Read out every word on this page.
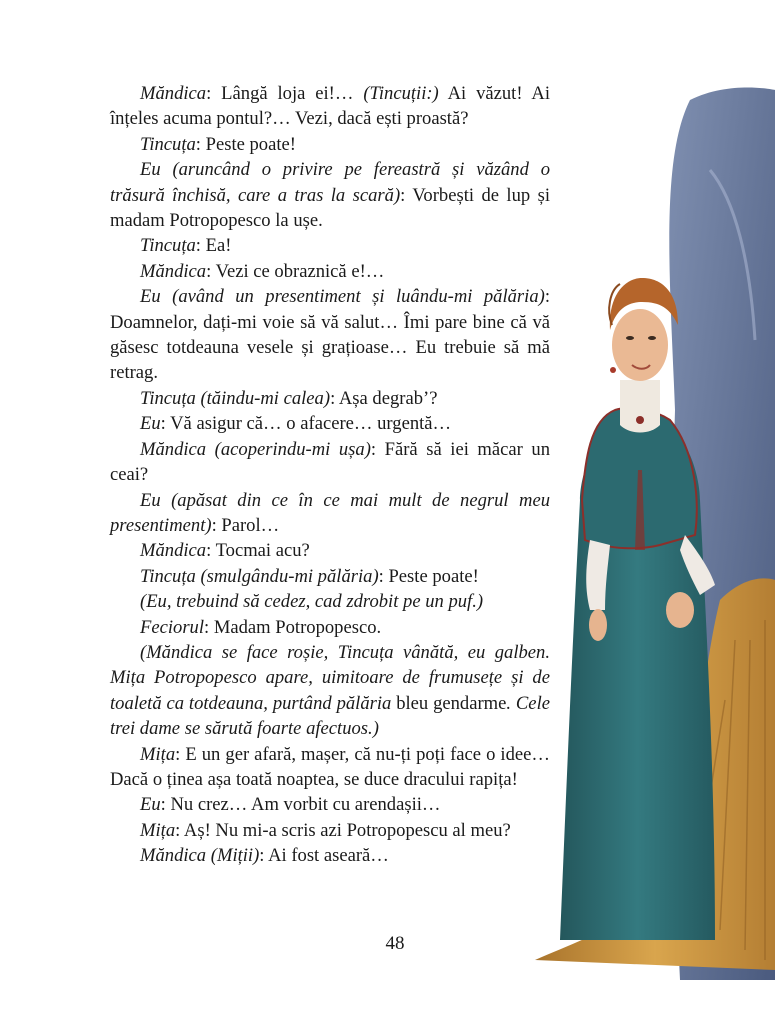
Măndica: Lângă loja ei!… (Tincuții:) Ai văzut! Ai înțeles acuma pontul?… Vezi, dacă ești proastă?

Tincuța: Peste poate!

Eu (aruncând o privire pe fereastră și văzând o trăsură închisă, care a tras la scară): Vorbești de lup și madam Potropopesco la ușe.

Tincuța: Ea!

Măndica: Vezi ce obraznică e!…

Eu (având un presentiment și luându-mi pălăria): Doamnelor, dați-mi voie să vă salut… Îmi pare bine că vă găsesc totdeauna vesele și grațioase… Eu trebuie să mă retrag.

Tincuța (tăindu-mi calea): Așa degrab’?

Eu: Vă asigur că… o afacere… urgentă…

Măndica (acoperindu-mi ușa): Fără să iei măcar un ceai?

Eu (apăsat din ce în ce mai mult de negrul meu presentiment): Parol…

Măndica: Tocmai acu?

Tincuța (smulgându-mi pălăria): Peste poate!

(Eu, trebuind să cedez, cad zdrobit pe un puf.)

Feciorul: Madam Potropopesco.

(Măndica se face roșie, Tincuța vânătă, eu galben. Mița Potropopesco apare, uimitoare de frumusețe și de toaletă ca totdeauna, purtând pălăria bleu gendarme. Cele trei dame se sărută foarte afectuos.)

Mița: E un ger afară, mașer, că nu-ți poți face o idee… Dacă o ținea așa toată noaptea, se duce dracului rapița!

Eu: Nu crez… Am vorbit cu arendașii…

Mița: Aș! Nu mi-a scris azi Potropopescu al meu?

Măndica (Miții): Ai fost aseară…

48
